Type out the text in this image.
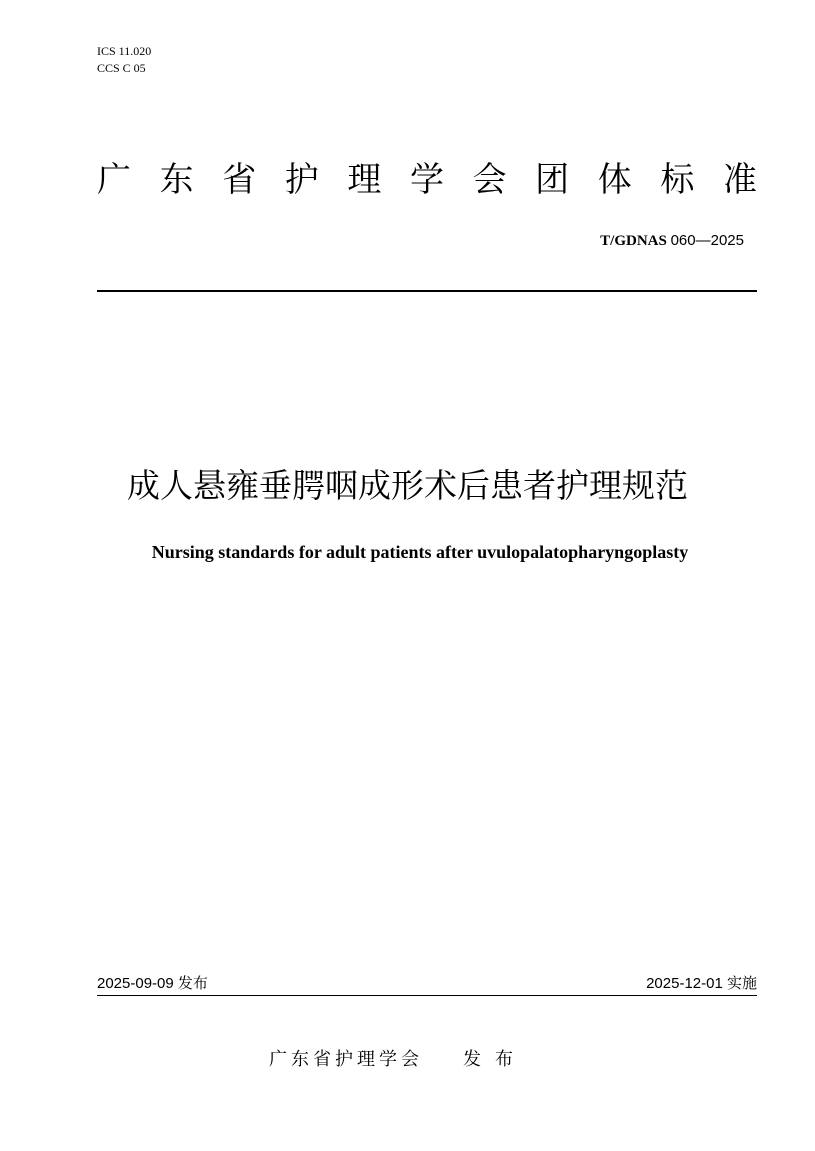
ICS 11.020
CCS C 05
广 东 省 护 理 学 会 团 体 标 准
T/GDNAS 060—2025
成人悬雍垂腭咽成形术后患者护理规范
Nursing standards for adult patients after uvulopalatopharyngoplasty
2025-09-09 发布	2025-12-01 实施
广东省护理学会 发布
